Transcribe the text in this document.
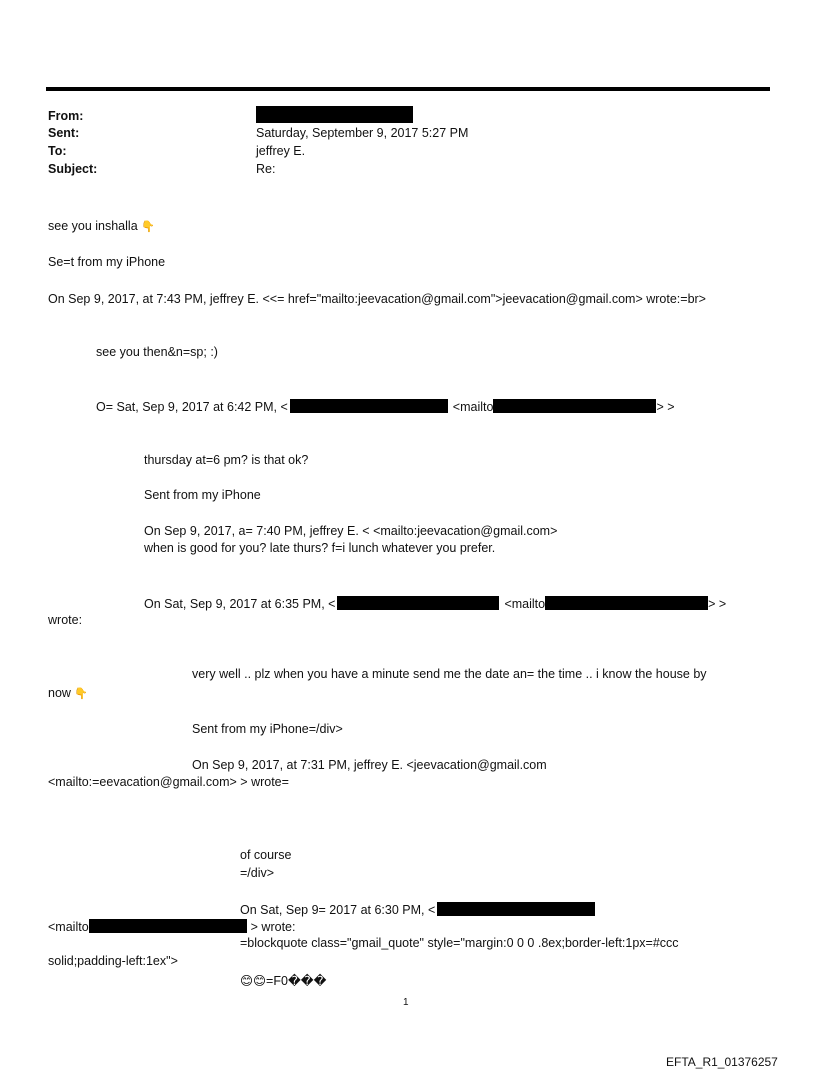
From:
Sent:	Saturday, September 9, 2017 5:27 PM
To:	jeffrey E.
Subject:	Re:
see you inshalla 👇
Se=t from my iPhone
On Sep 9, 2017, at 7:43 PM, jeffrey E. <<= href="mailto:jeevacation@gmail.com">jeevacation@gmail.com> wrote:=br>
see you then&n=sp; :)
O= Sat, Sep 9, 2017 at 6:42 PM, <	<mailto	> >
thursday at=6 pm? is that ok?
Sent from my iPhone
On Sep 9, 2017, a= 7:40 PM, jeffrey E. < <mailto:jeevacation@gmail.com>
when is good for you? late thurs? f=i lunch whatever you prefer.
On Sat, Sep 9, 2017 at 6:35 PM, <	<mailto	> >
wrote:
very well .. plz when you have a minute send me the date an= the time .. i know the house by
now 👇
Sent from my iPhone=/div>
On Sep 9, 2017, at 7:31 PM, jeffrey E. <jeevacation@gmail.com
<mailto:=eevacation@gmail.com> > wrote=
of course
=/div>
On Sat, Sep 9= 2017 at 6:30 PM, <
<mailto	> wrote:
=blockquote class="gmail_quote" style="margin:0 0 0 .8ex;border-left:1px=#ccc
solid;padding-left:1ex">
😊😊=F0���
1
EFTA_R1_01376257
